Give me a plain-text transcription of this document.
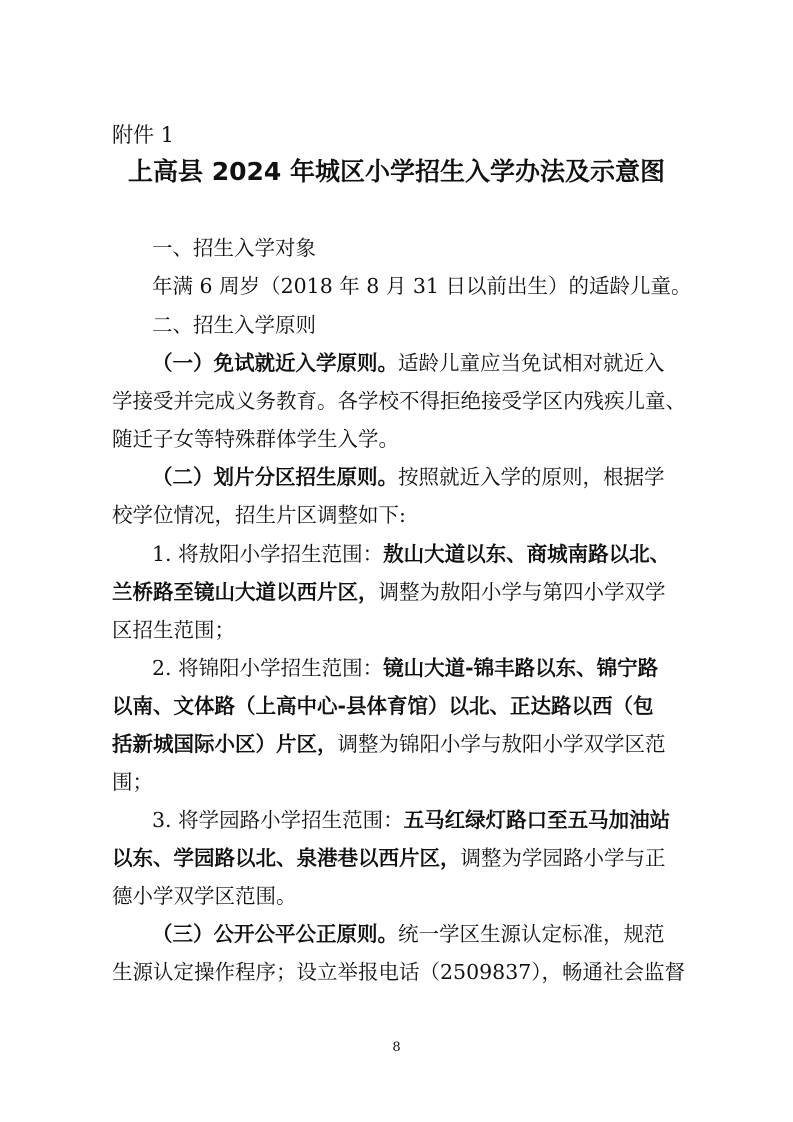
附件 1
上高县 2024 年城区小学招生入学办法及示意图
一、招生入学对象
年满 6 周岁（2018 年 8 月 31 日以前出生）的适龄儿童。
二、招生入学原则
（一）免试就近入学原则。适龄儿童应当免试相对就近入
学接受并完成义务教育。各学校不得拒绝接受学区内残疾儿童、
随迁子女等特殊群体学生入学。
（二）划片分区招生原则。按照就近入学的原则，根据学
校学位情况，招生片区调整如下:
1. 将敖阳小学招生范围：敖山大道以东、商城南路以北、
兰桥路至镜山大道以西片区，调整为敖阳小学与第四小学双学
区招生范围；
2. 将锦阳小学招生范围：镜山大道-锦丰路以东、锦宁路
以南、文体路（上高中心-县体育馆）以北、正达路以西（包
括新城国际小区）片区，调整为锦阳小学与敖阳小学双学区范
围；
3. 将学园路小学招生范围：五马红绿灯路口至五马加油站
以东、学园路以北、泉港巷以西片区，调整为学园路小学与正
德小学双学区范围。
（三）公开公平公正原则。统一学区生源认定标准，规范
生源认定操作程序；设立举报电话（2509837），畅通社会监督
8
